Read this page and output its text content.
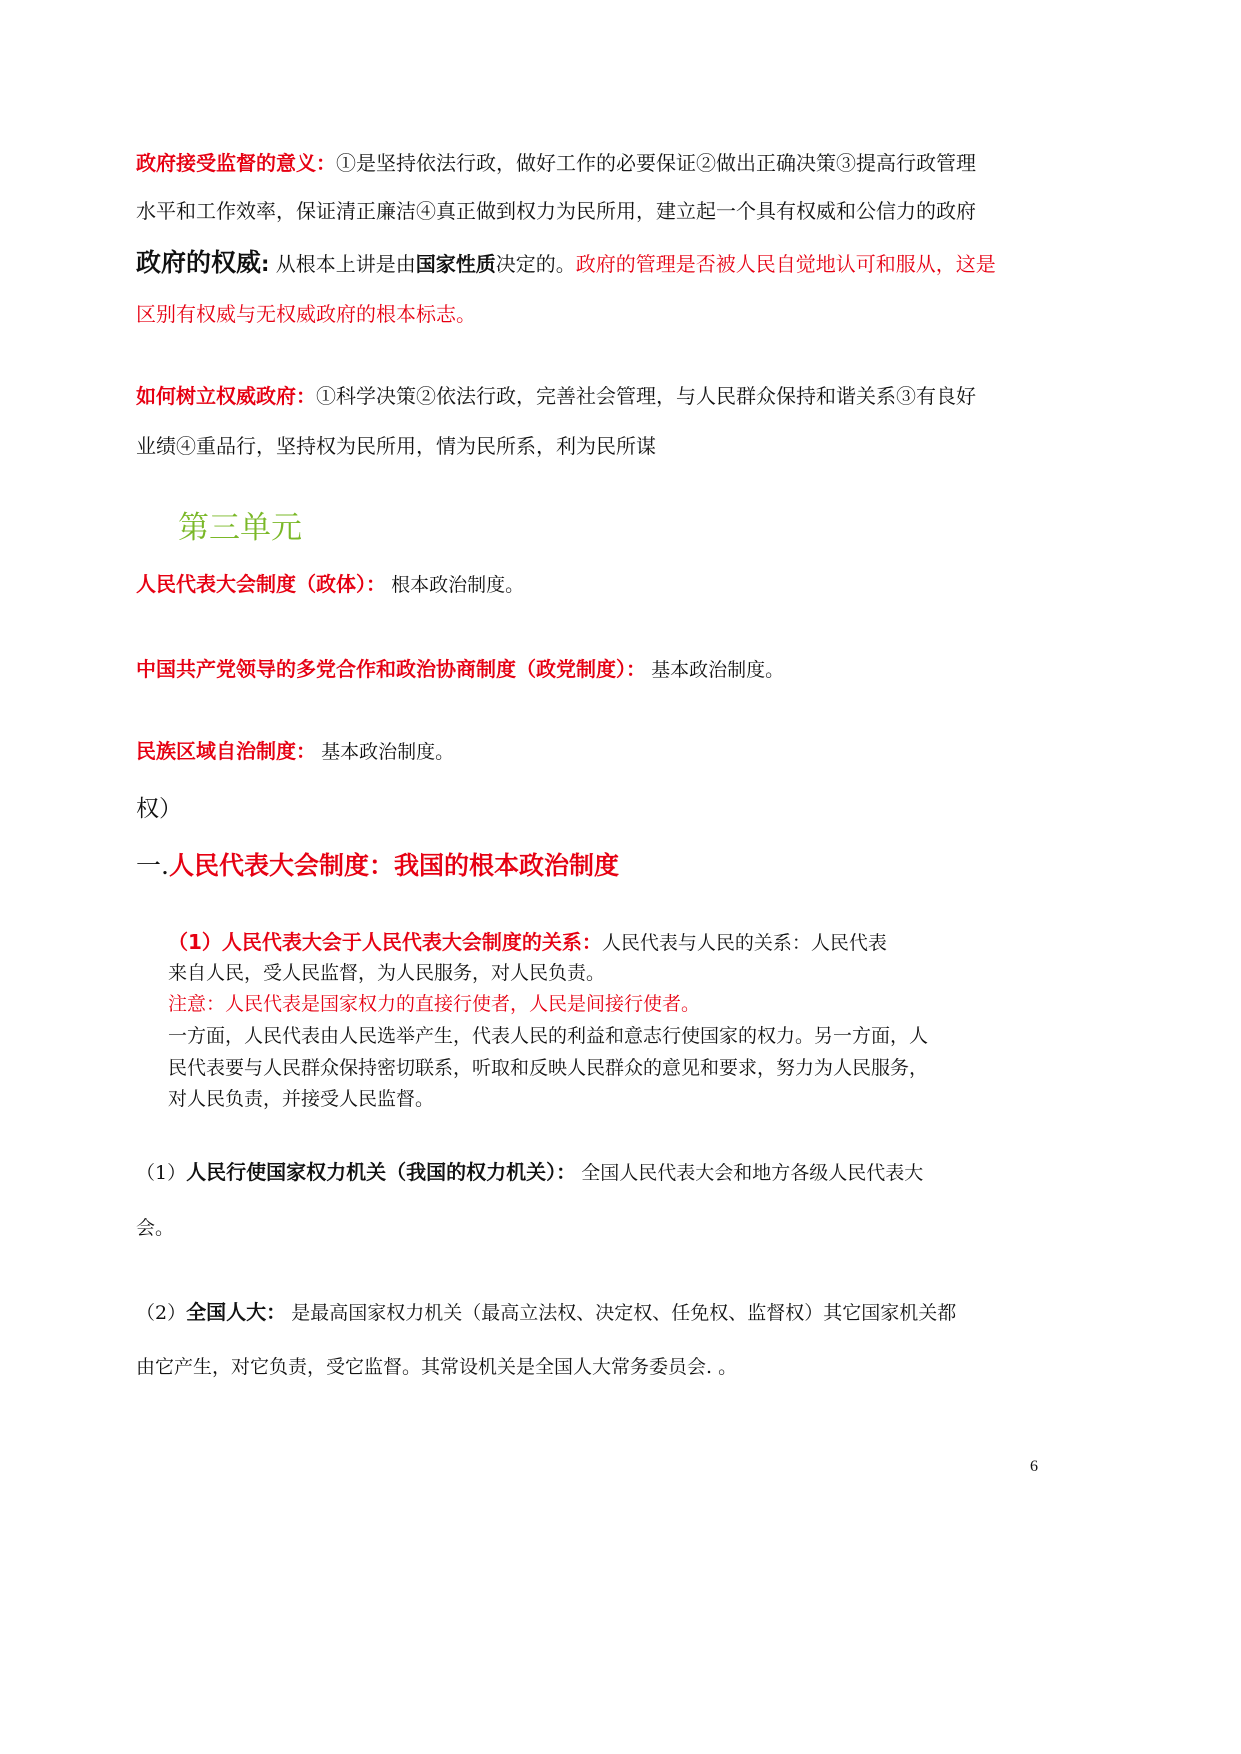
政府接受监督的意义：①是坚持依法行政，做好工作的必要保证②做出正确决策③提高行政管理
水平和工作效率，保证清正廉洁④真正做到权力为民所用，建立起一个具有权威和公信力的政府
政府的权威: 从根本上讲是由国家性质决定的。政府的管理是否被人民自觉地认可和服从，这是
区别有权威与无权威政府的根本标志。
如何树立权威政府：①科学决策②依法行政，完善社会管理，与人民群众保持和谐关系③有良好
业绩④重品行，坚持权为民所用，情为民所系，利为民所谋
第三单元
人民代表大会制度（政体）： 根本政治制度。
中国共产党领导的多党合作和政治协商制度（政党制度）： 基本政治制度。
民族区域自治制度： 基本政治制度。
权）
一.人民代表大会制度：我国的根本政治制度
（1）人民代表大会于人民代表大会制度的关系：人民代表与人民的关系：人民代表
来自人民，受人民监督，为人民服务，对人民负责。
注意：人民代表是国家权力的直接行使者，人民是间接行使者。
一方面，人民代表由人民选举产生，代表人民的利益和意志行使国家的权力。另一方面，人
民代表要与人民群众保持密切联系，听取和反映人民群众的意见和要求，努力为人民服务，
对人民负责，并接受人民监督。
（1）人民行使国家权力机关（我国的权力机关）： 全国人民代表大会和地方各级人民代表大
会。
（2）全国人大： 是最高国家权力机关（最高立法权、决定权、任免权、监督权）其它国家机关都
由它产生，对它负责，受它监督。其常设机关是全国人大常务委员会. 。
6
